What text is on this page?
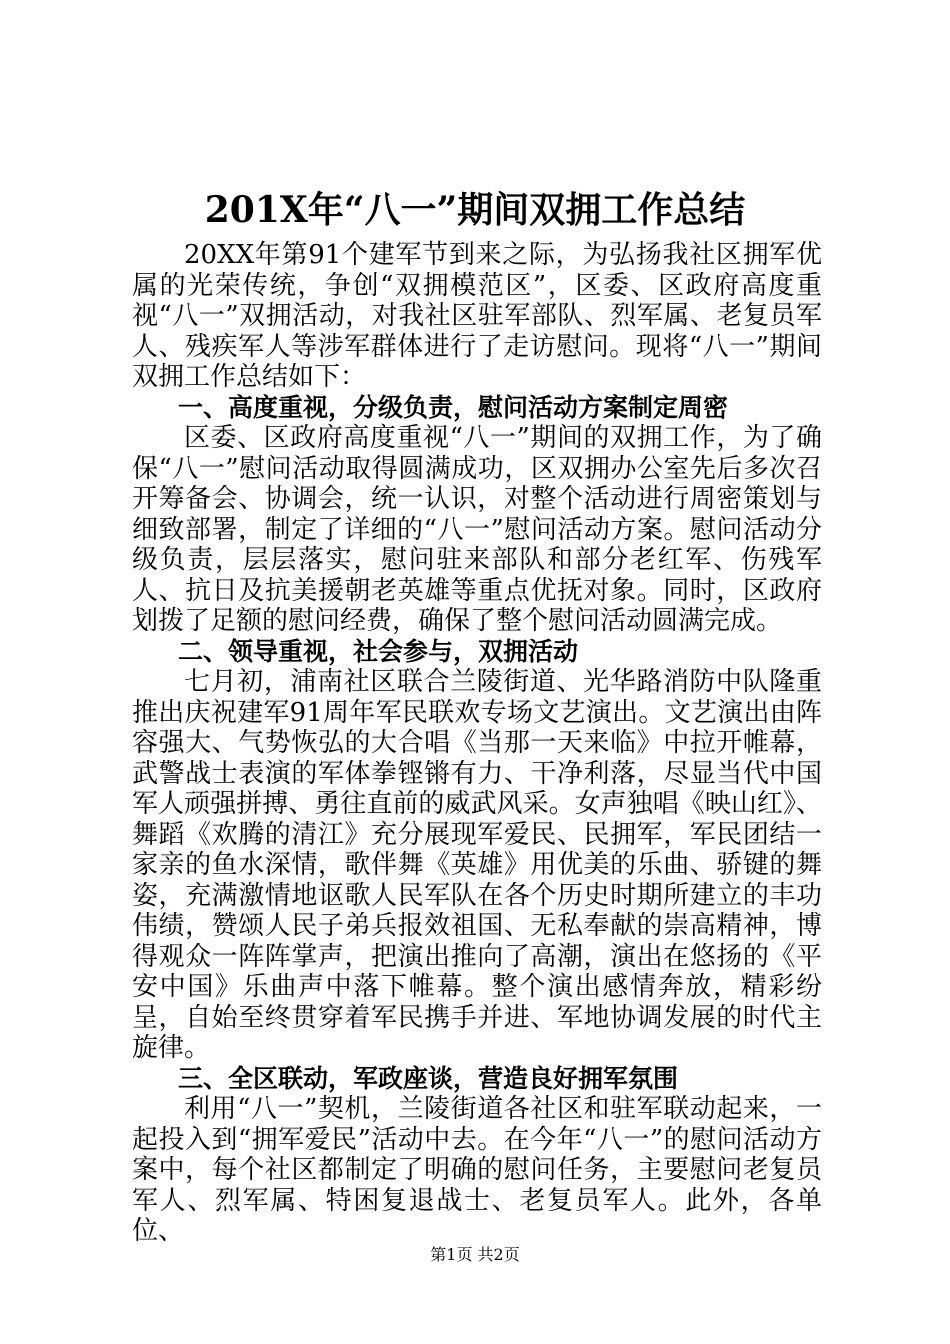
201X年“八一”期间双拥工作总结

20XX年第91个建军节到来之际，为弘扬我社区拥军优属的光荣传统，争创“双拥模范区”，区委、区政府高度重视“八一”双拥活动，对我社区驻军部队、烈军属、老复员军人、残疾军人等涉军群体进行了走访慰问。现将“八一”期间双拥工作总结如下：

一、高度重视，分级负责，慰问活动方案制定周密

区委、区政府高度重视“八一”期间的双拥工作，为了确保“八一”慰问活动取得圆满成功，区双拥办公室先后多次召开筹备会、协调会，统一认识，对整个活动进行周密策划与细致部署，制定了详细的“八一”慰问活动方案。慰问活动分级负责，层层落实，慰问驻来部队和部分老红军、伤残军人、抗日及抗美援朝老英雄等重点优抚对象。同时，区政府划拨了足额的慰问经费，确保了整个慰问活动圆满完成。

二、领导重视，社会参与，双拥活动

七月初，浦南社区联合兰陵街道、光华路消防中队隆重推出庆祝建军91周年军民联欢专场文艺演出。文艺演出由阵容强大、气势恢弘的大合唱《当那一天来临》中拉开帷幕，武警战士表演的军体拳铿锵有力、干净利落，尽显当代中国军人顽强拼搏、勇往直前的威武风采。女声独唱《映山红》、舞蹈《欢腾的清江》充分展现军爱民、民拥军，军民团结一家亲的鱼水深情，歌伴舞《英雄》用优美的乐曲、骄键的舞姿，充满激情地讴歌人民军队在各个历史时期所建立的丰功伟绩，赞颂人民子弟兵报效祖国、无私奉献的崇高精神，博得观众一阵阵掌声，把演出推向了高潮，演出在悠扬的《平安中国》乐曲声中落下帷幕。整个演出感情奔放，精彩纷呈，自始至终贯穿着军民携手并进、军地协调发展的时代主旋律。

三、全区联动，军政座谈，营造良好拥军氛围

利用“八一”契机，兰陵街道各社区和驻军联动起来，一起投入到“拥军爱民”活动中去。在今年“八一”的慰问活动方案中，每个社区都制定了明确的慰问任务，主要慰问老复员军人、烈军属、特困复退战士、老复员军人。此外，各单位、

第1页 共2页
